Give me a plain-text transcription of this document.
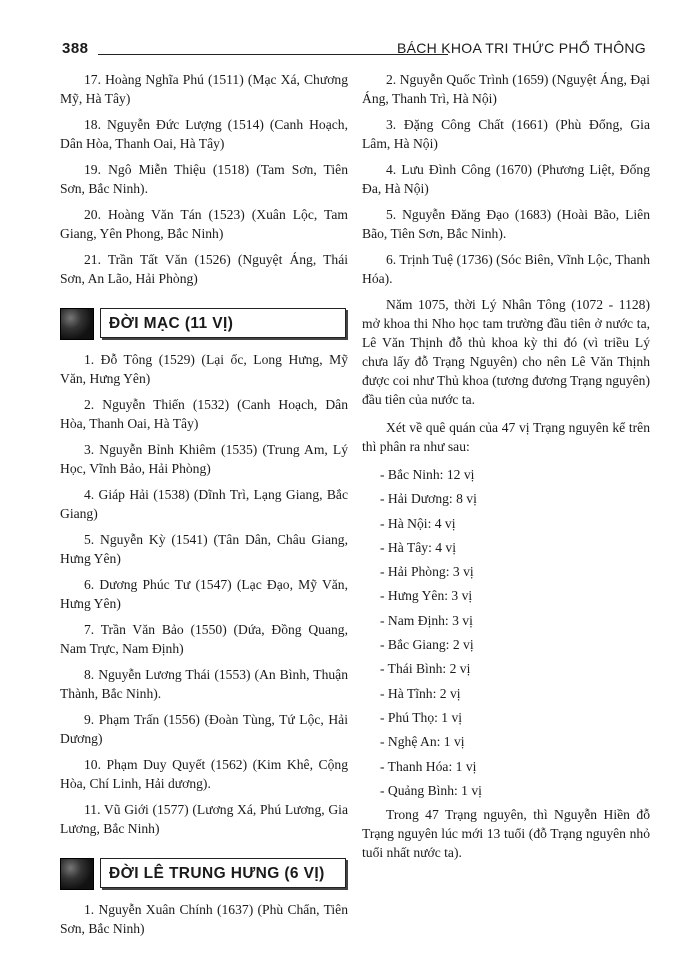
388	BÁCH KHOA TRI THỨC PHỔ THÔNG

17. Hoàng Nghĩa Phú (1511) (Mạc Xá, Chương Mỹ, Hà Tây)

18. Nguyễn Đức Lượng (1514) (Canh Hoạch, Dân Hòa, Thanh Oai, Hà Tây)

19. Ngô Miễn Thiệu (1518) (Tam Sơn, Tiên Sơn, Bắc Ninh).

20. Hoàng Văn Tán (1523) (Xuân Lộc, Tam Giang, Yên Phong, Bắc Ninh)

21. Trần Tất Văn (1526) (Nguyệt Áng, Thái Sơn, An Lão, Hải Phòng)

ĐỜI MẠC (11 VỊ)

1. Đỗ Tông (1529) (Lại ốc, Long Hưng, Mỹ Văn, Hưng Yên)

2. Nguyễn Thiến (1532) (Canh Hoạch, Dân Hòa, Thanh Oai, Hà Tây)

3. Nguyễn Bỉnh Khiêm (1535) (Trung Am, Lý Học, Vĩnh Bảo, Hải Phòng)

4. Giáp Hải (1538) (Dĩnh Trì, Lạng Giang, Bắc Giang)

5. Nguyễn Kỳ (1541) (Tân Dân, Châu Giang, Hưng Yên)

6. Dương Phúc Tư (1547) (Lạc Đạo, Mỹ Văn, Hưng Yên)

7. Trần Văn Bảo (1550) (Dứa, Đồng Quang, Nam Trực, Nam Định)

8. Nguyễn Lương Thái (1553) (An Bình, Thuận Thành, Bắc Ninh).

9. Phạm Trấn (1556) (Đoàn Tùng, Tứ Lộc, Hải Dương)

10. Phạm Duy Quyết (1562) (Kim Khê, Cộng Hòa, Chí Linh, Hải dương).

11. Vũ Giới (1577) (Lương Xá, Phú Lương, Gia Lương, Bắc Ninh)

ĐỜI LÊ TRUNG HƯNG (6 VỊ)

1. Nguyễn Xuân Chính (1637) (Phù Chẩn, Tiên Sơn, Bắc Ninh)

2. Nguyễn Quốc Trình (1659) (Nguyệt Áng, Đại Áng, Thanh Trì, Hà Nội)

3. Đặng Công Chất (1661) (Phù Đổng, Gia Lâm, Hà Nội)

4. Lưu Đình Công (1670) (Phương Liệt, Đống Đa, Hà Nội)

5. Nguyễn Đăng Đạo (1683) (Hoài Bão, Liên Bão, Tiên Sơn, Bắc Ninh).

6. Trịnh Tuệ (1736) (Sóc Biên, Vĩnh Lộc, Thanh Hóa).

Năm 1075, thời Lý Nhân Tông (1072 - 1128) mở khoa thi Nho học tam trường đầu tiên ở nước ta, Lê Văn Thịnh đỗ thủ khoa kỳ thi đó (vì triều Lý chưa lấy đỗ Trạng Nguyên) cho nên Lê Văn Thịnh được coi như Thủ khoa (tương đương Trạng nguyên) đầu tiên của nước ta.

Xét về quê quán của 47 vị Trạng nguyên kể trên thì phân ra như sau:

- Bắc Ninh: 12 vị
- Hải Dương: 8 vị
- Hà Nội: 4 vị
- Hà Tây: 4 vị
- Hải Phòng: 3 vị
- Hưng Yên: 3 vị
- Nam Định: 3 vị
- Bắc Giang: 2 vị
- Thái Bình: 2 vị
- Hà Tĩnh: 2 vị
- Phú Thọ: 1 vị
- Nghệ An: 1 vị
- Thanh Hóa: 1 vị
- Quảng Bình: 1 vị

Trong 47 Trạng nguyên, thì Nguyễn Hiền đỗ Trạng nguyên lúc mới 13 tuổi (đỗ Trạng nguyên nhỏ tuổi nhất nước ta).
